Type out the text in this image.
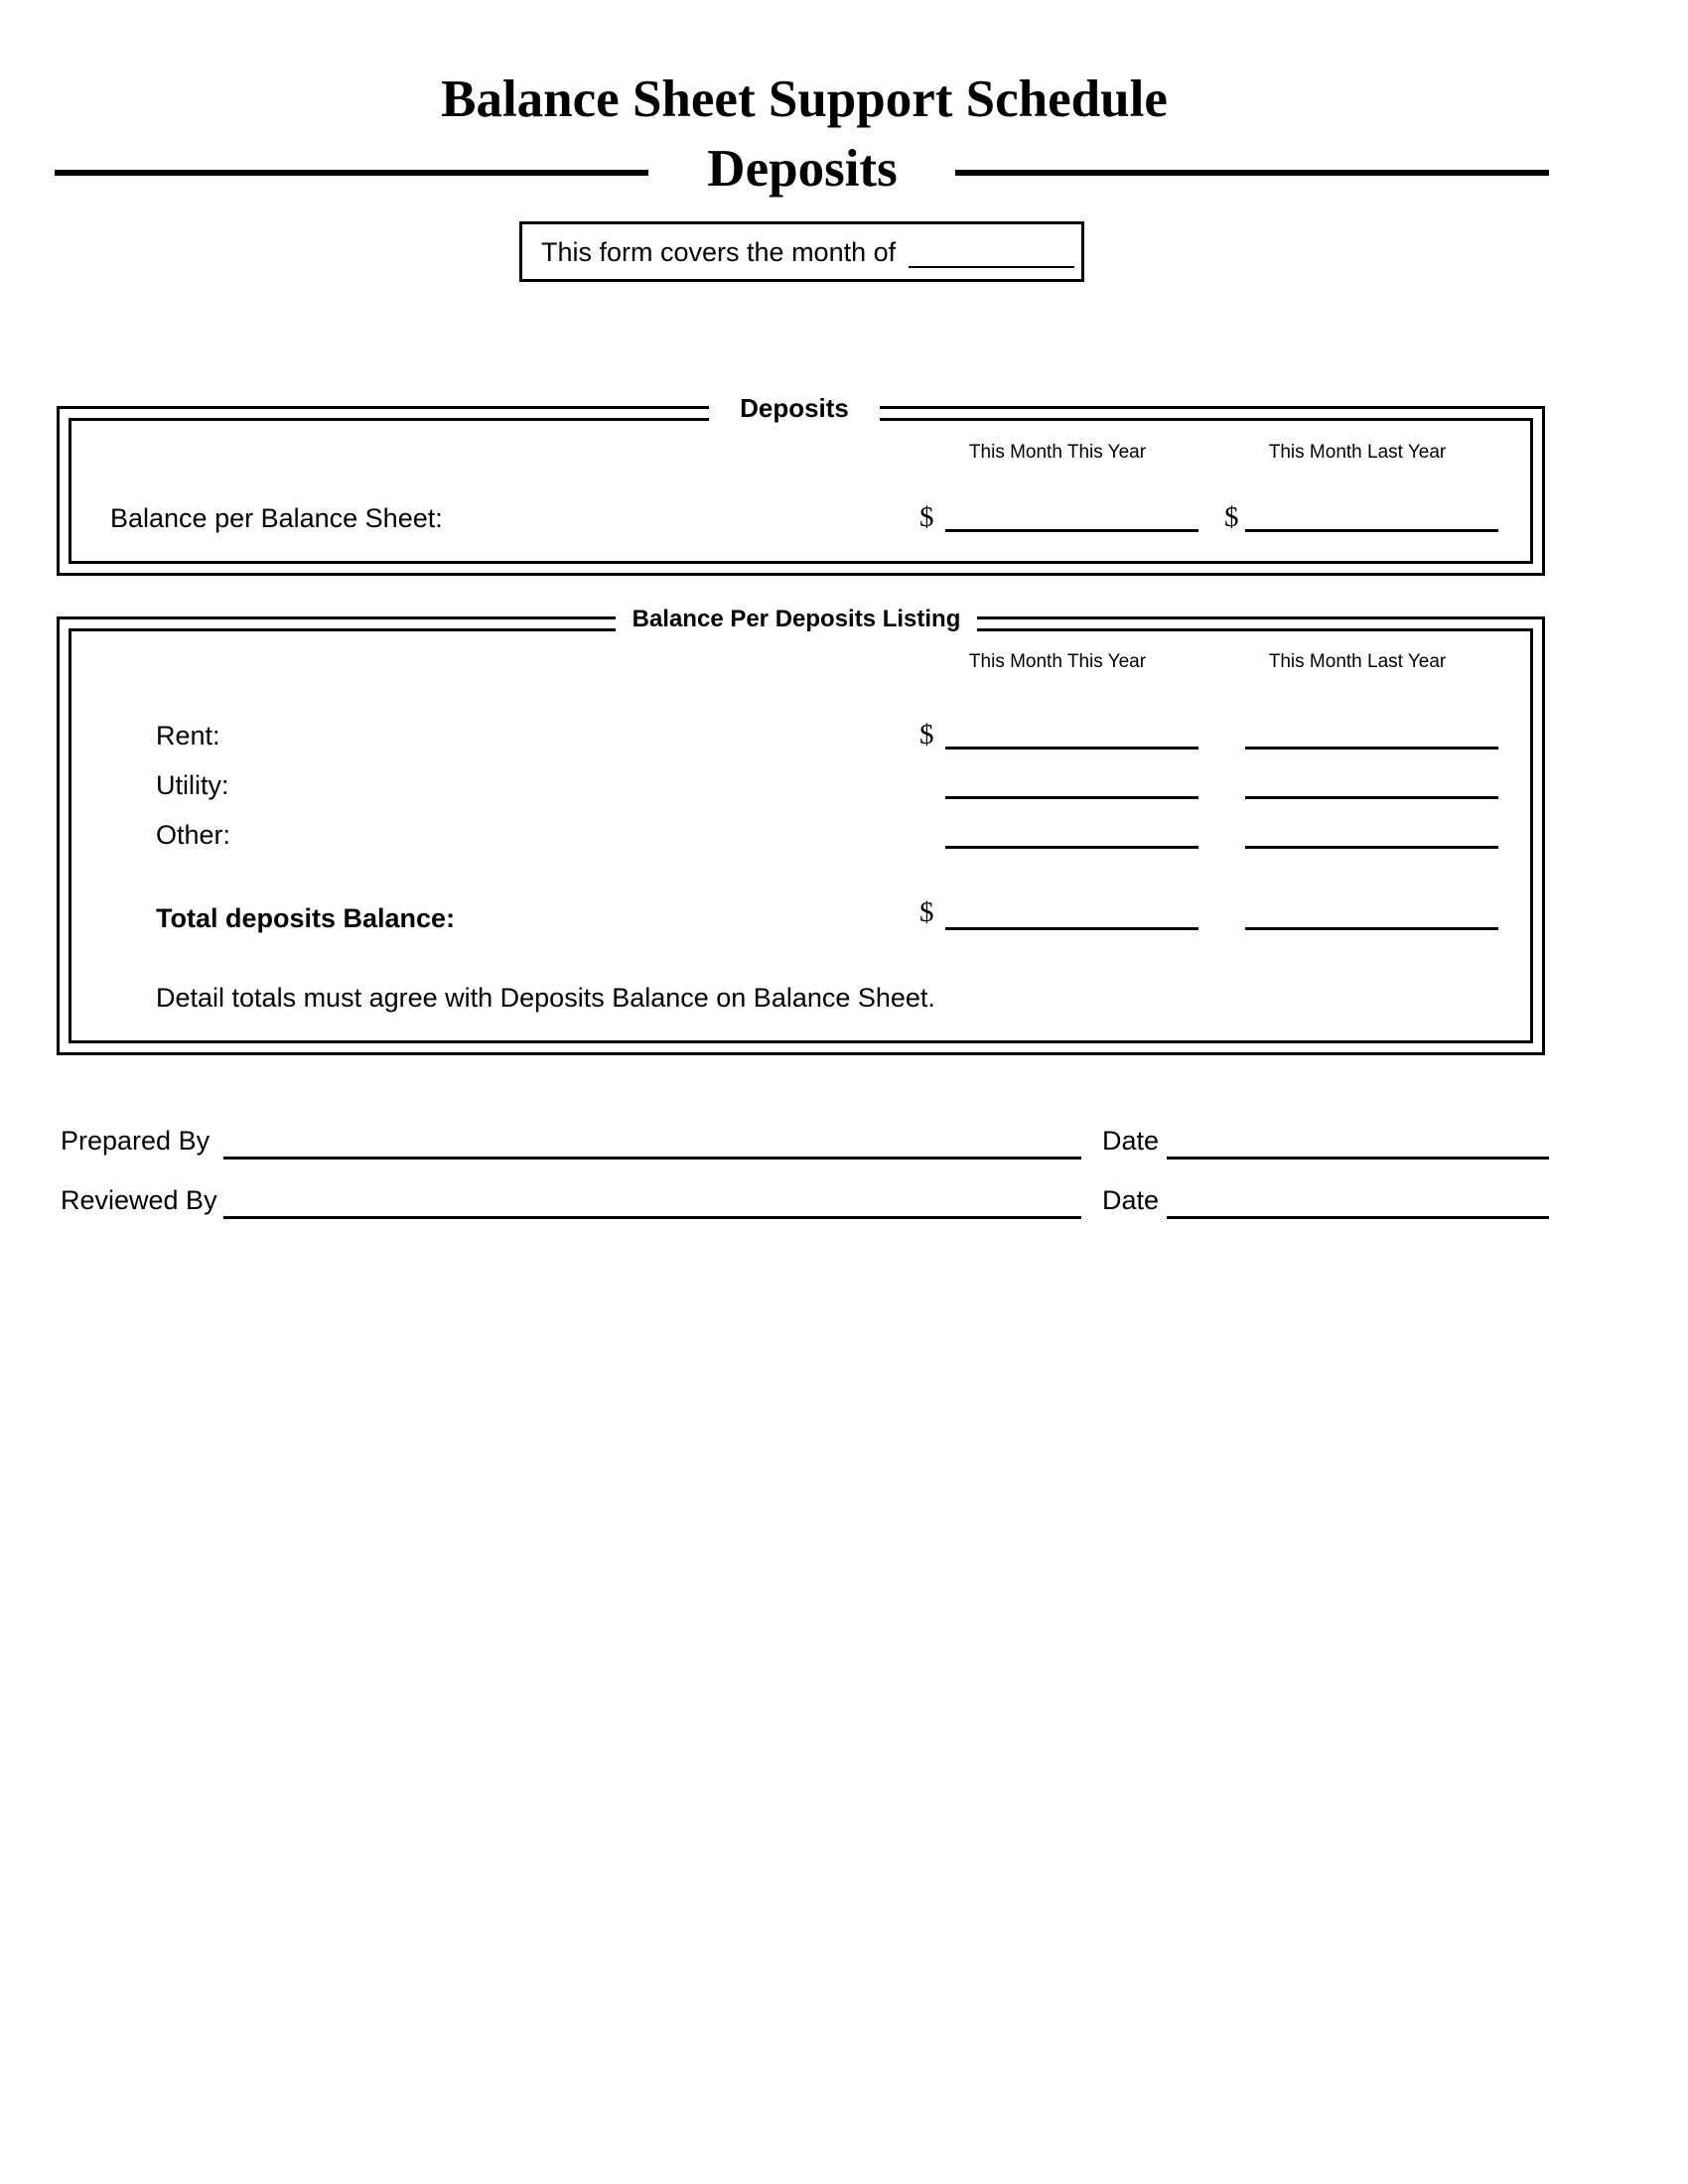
Balance Sheet Support Schedule
Deposits
This form covers the month of
Deposits
This Month This Year	This Month Last Year
Balance per Balance Sheet:	$	$
Balance Per Deposits Listing
This Month This Year	This Month Last Year
Rent:	$
Utility:
Other:
Total deposits Balance:	$
Detail totals must agree with Deposits Balance on Balance Sheet.
Prepared By	Date
Reviewed By	Date
